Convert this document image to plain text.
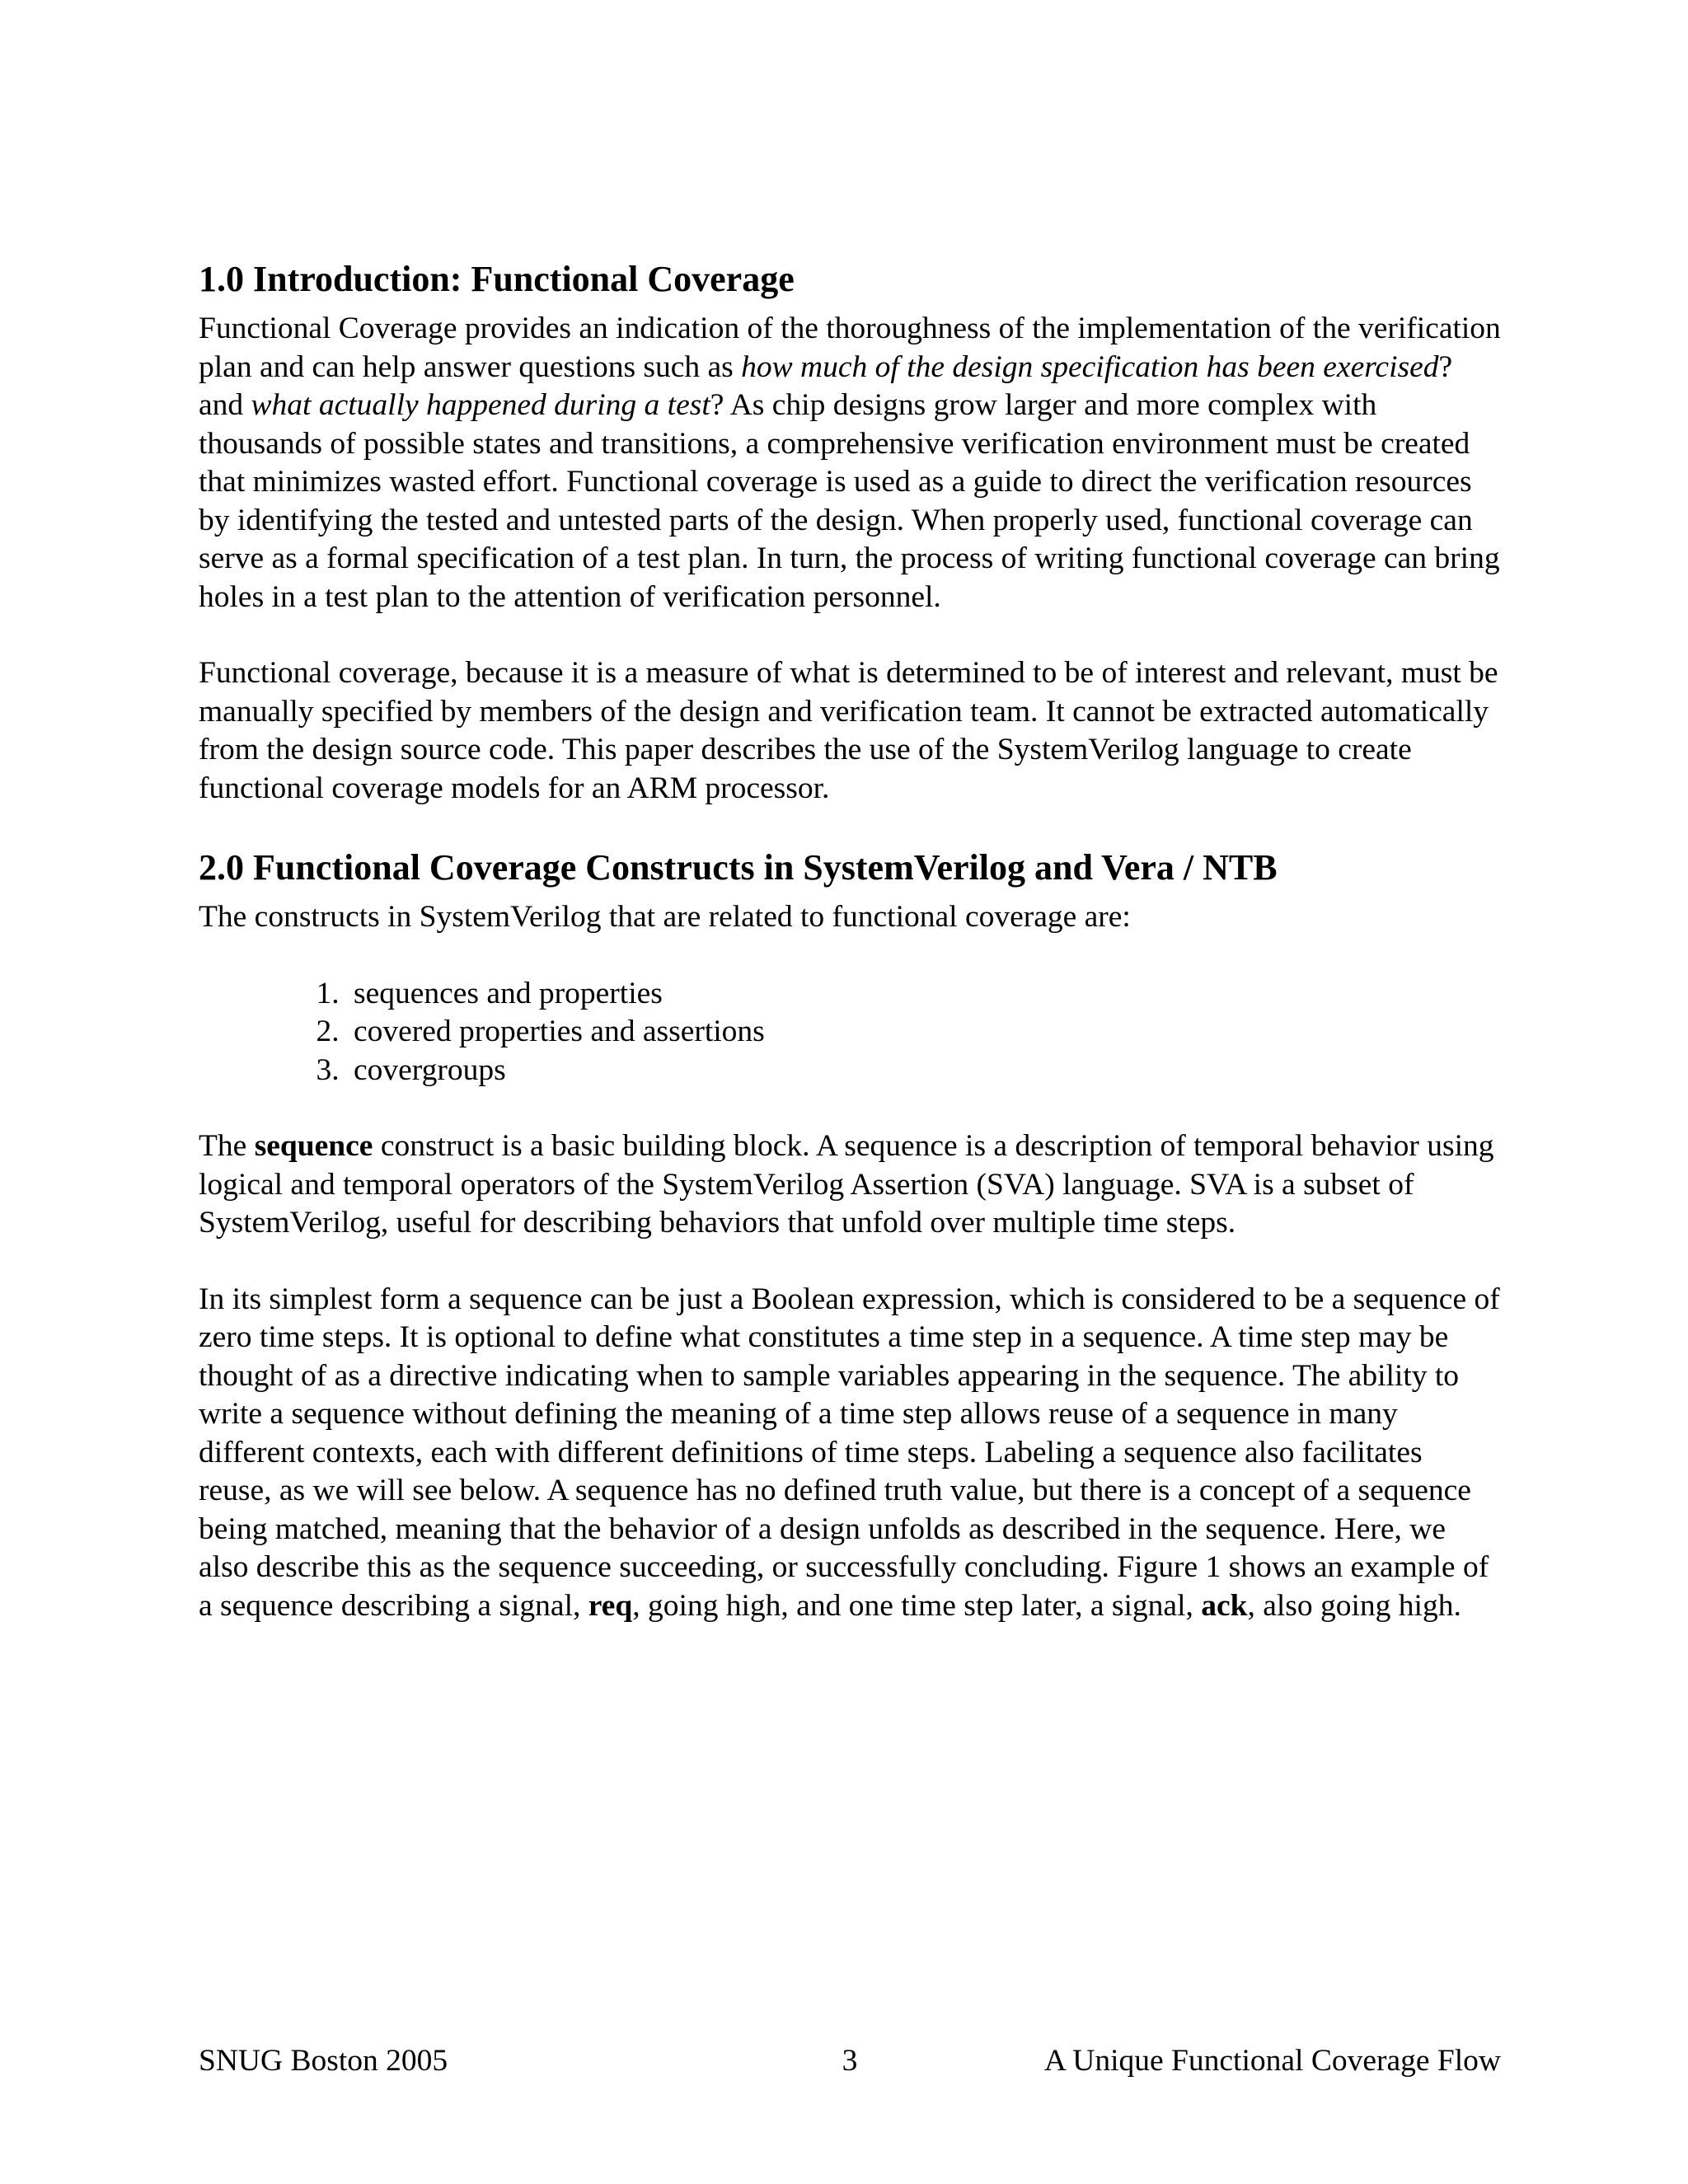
1.0 Introduction: Functional Coverage

Functional Coverage provides an indication of the thoroughness of the implementation of the verification plan and can help answer questions such as how much of the design specification has been exercised? and what actually happened during a test? As chip designs grow larger and more complex with thousands of possible states and transitions, a comprehensive verification environment must be created that minimizes wasted effort. Functional coverage is used as a guide to direct the verification resources by identifying the tested and untested parts of the design. When properly used, functional coverage can serve as a formal specification of a test plan. In turn, the process of writing functional coverage can bring holes in a test plan to the attention of verification personnel.

Functional coverage, because it is a measure of what is determined to be of interest and relevant, must be manually specified by members of the design and verification team. It cannot be extracted automatically from the design source code. This paper describes the use of the SystemVerilog language to create functional coverage models for an ARM processor.

2.0 Functional Coverage Constructs in SystemVerilog and Vera / NTB

The constructs in SystemVerilog that are related to functional coverage are:

1. sequences and properties
2. covered properties and assertions
3. covergroups

The sequence construct is a basic building block. A sequence is a description of temporal behavior using logical and temporal operators of the SystemVerilog Assertion (SVA) language. SVA is a subset of SystemVerilog, useful for describing behaviors that unfold over multiple time steps.

In its simplest form a sequence can be just a Boolean expression, which is considered to be a sequence of zero time steps. It is optional to define what constitutes a time step in a sequence. A time step may be thought of as a directive indicating when to sample variables appearing in the sequence. The ability to write a sequence without defining the meaning of a time step allows reuse of a sequence in many different contexts, each with different definitions of time steps. Labeling a sequence also facilitates reuse, as we will see below. A sequence has no defined truth value, but there is a concept of a sequence being matched, meaning that the behavior of a design unfolds as described in the sequence. Here, we also describe this as the sequence succeeding, or successfully concluding. Figure 1 shows an example of a sequence describing a signal, req, going high, and one time step later, a signal, ack, also going high.

SNUG Boston 2005	3	A Unique Functional Coverage Flow
